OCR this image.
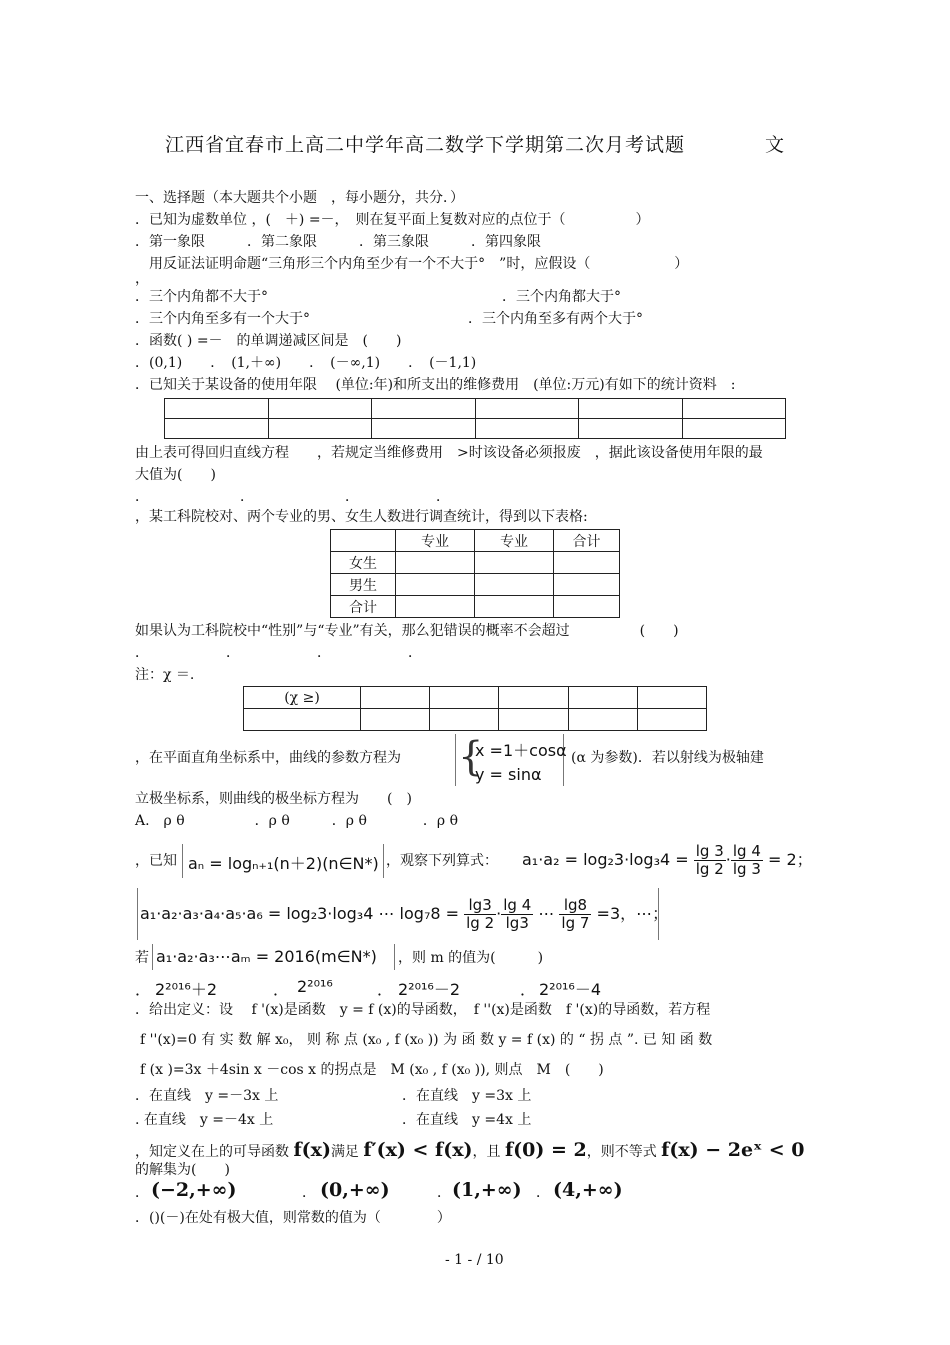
江西省宜春市上高二中学年高二数学下学期第二次月考试题	文
一、选择题（本大题共个小题　，每小题分，共分．）
．已知为虚数单位 ，(　＋) =－，　则在复平面上复数对应的点位于（　　　　　）
．第一象限　　　．第二象限　　　．第三象限　　　．第四象限
　用反证法证明命题“三角形三个内角至少有一个不大于°　”时，应假设（　　　　　　）
，
．三个内角都不大于°	．三个内角都大于°
．三个内角至多有一个大于°	．三个内角至多有两个大于°
．函数( ) =－　的单调递减区间是　(　　)
．(0,1)　　．　(1,＋∞)　　．　(－∞,1)　　．　(－1,1)
．已知关于某设备的使用年限　 (单位:年)和所支出的维修费用　(单位:万元)有如下的统计资料　:

由上表可得回归直线方程　　，若规定当维修费用　>时该设备必须报废　，据此该设备使用年限的最
大值为(　　)
．　　　　　　　．　　　　　　　．　　　　　　．
，某工科院校对、两个专业的男、女生人数进行调查统计，得到以下表格:
	专业	专业	合计
女生			
男生			
合计			
如果认为工科院校中“性别”与“专业”有关，那么犯错误的概率不会超过　　　　　(　　)
．　　　　　　．　　　　　　．　　　　　　．
注：χ ＝.
(χ ≥)					

，在平面直角坐标系中，曲线的参数方程为 {
x =1＋cosα
y = sinα
(α 为参数)．若以射线为极轴建
立极坐标系，则曲线的极坐标方程为　　(　)
A.　ρ θ　　　　　．ρ θ　　　．ρ θ　　　　．ρ θ
，已知 aₙ = logₙ₊₁(n＋2)(n∈N*) ，观察下列算式： $a_1\cdot a_2 = \log_23\cdot\log_34 = \frac{\lg 3}{\lg 2} \cdot \frac{\lg 4}{\lg 3} = 2$；
a₁·a₂·a₃·a₄·a₅·a₆ = log₂3·log₃4 ⋯ $\log_78 = \frac{\lg 3}{\lg 2} \cdot \frac{\lg 4}{\lg 3}$ ⋯ $\frac{\lg 8}{\lg 7} =3$，⋯；
若 a₁·a₂·a₃⋯aₘ = 2016(m∈N*) ，则 m 的值为(　　　)
． 2²⁰¹⁶＋2	． 2²⁰¹⁶	． 2²⁰¹⁶－2	． 2²⁰¹⁶－4
．给出定义：设　 f '(x)是函数　y = f (x)的导函数，　f ''(x)是函数　f '(x)的导函数，若方程
f ''(x)=0 有 实 数 解 x₀， 则 称 点 (x₀ , f (x₀ )) 为 函 数 y = f (x) 的 “ 拐 点 ”. 已 知 函 数
f (x )=3x ＋4sin x －cos x 的拐点是　M (x₀ , f (x₀ )), 则点　M　(　　)
．在直线　y =－3x 上	．在直线　y =3x 上
. 在直线　y =－4x 上	．在直线　y =4x 上
，知定义在上的可导函数 f(x)满足 f′(x) < f(x)，且 f(0) = 2，则不等式 f(x) − 2eˣ < 0
的解集为(　　)
． (−2,+∞)	． (0,+∞)	． (1,+∞) ． (4,+∞)
．()(－)在处有极大值，则常数的值为（　　　　）
- 1 - / 10
